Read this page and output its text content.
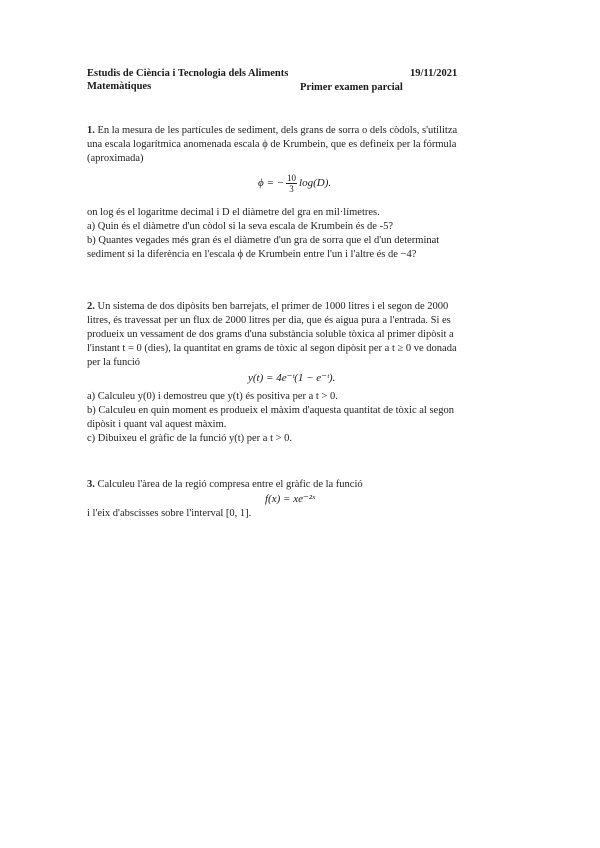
Estudis de Ciència i Tecnologia dels Aliments	19/11/2021
Matemàtiques	Primer examen parcial
1. En la mesura de les partícules de sediment, dels grans de sorra o dels còdols, s'utilitza
una escala logarítmica anomenada escala ϕ de Krumbein, que es defineix per la fórmula
(aproximada)
ϕ = − $\frac{10}{3} \log(D)$.
on log és el logaritme decimal i D el diàmetre del gra en mil·límetres.
a) Quin és el diàmetre d'un còdol si la seva escala de Krumbein és de -5?
b) Quantes vegades més gran és el diàmetre d'un gra de sorra que el d'un determinat
sediment si la diferència en l'escala ϕ de Krumbein entre l'un i l'altre és de −4?
2. Un sistema de dos dipòsits ben barrejats, el primer de 1000 litres i el segon de 2000
litres, és travessat per un flux de 2000 litres per dia, que és aigua pura a l'entrada. Si es
produeix un vessament de dos grams d'una substància soluble tòxica al primer dipòsit a
l'instant t = 0 (dies), la quantitat en grams de tòxic al segon dipòsit per a t ≥ 0 ve donada
per la funció
y(t) = 4e⁻ᵗ(1 − e⁻ᵗ).
a) Calculeu y(0) i demostreu que y(t) és positiva per a t > 0.
b) Calculeu en quin moment es produeix el màxim d'aquesta quantitat de tòxic al segon
dipòsit i quant val aquest màxim.
c) Dibuixeu el gràfic de la funció y(t) per a t > 0.
3. Calculeu l'àrea de la regió compresa entre el gràfic de la funció
f(x) = xe⁻²ˣ
i l'eix d'abscisses sobre l'interval [0, 1].
